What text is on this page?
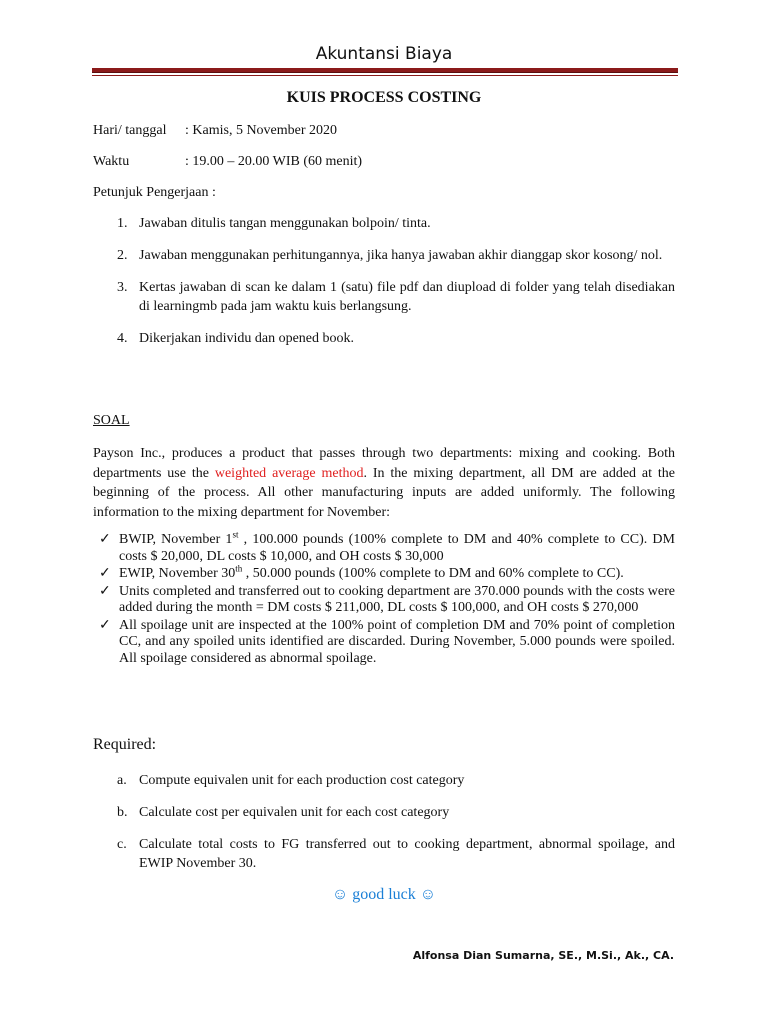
Akuntansi Biaya
KUIS PROCESS COSTING
Hari/ tanggal : Kamis, 5 November 2020
Waktu	: 19.00 – 20.00 WIB (60 menit)
Petunjuk Pengerjaan :
1. Jawaban ditulis tangan menggunakan bolpoin/ tinta.
2. Jawaban menggunakan perhitungannya, jika hanya jawaban akhir dianggap skor kosong/ nol.
3. Kertas jawaban di scan ke dalam 1 (satu) file pdf dan diupload di folder yang telah disediakan di learningmb pada jam waktu kuis berlangsung.
4. Dikerjakan individu dan opened book.
SOAL
Payson Inc., produces a product that passes through two departments: mixing and cooking. Both departments use the weighted average method. In the mixing department, all DM are added at the beginning of the process. All other manufacturing inputs are added uniformly. The following information to the mixing department for November:
✓ BWIP, November 1st , 100.000 pounds (100% complete to DM and 40% complete to CC). DM costs $ 20,000, DL costs $ 10,000, and OH costs $ 30,000
✓ EWIP, November 30th , 50.000 pounds (100% complete to DM and 60% complete to CC).
✓ Units completed and transferred out to cooking department are 370.000 pounds with the costs were added during the month = DM costs $ 211,000, DL costs $ 100,000, and OH costs $ 270,000
✓ All spoilage unit are inspected at the 100% point of completion DM and 70% point of completion CC, and any spoiled units identified are discarded. During November, 5.000 pounds were spoiled. All spoilage considered as abnormal spoilage.
Required:
a. Compute equivalen unit for each production cost category
b. Calculate cost per equivalen unit for each cost category
c. Calculate total costs to FG transferred out to cooking department, abnormal spoilage, and EWIP November 30.
☺ good luck ☺
Alfonsa Dian Sumarna, SE., M.Si., Ak., CA.
